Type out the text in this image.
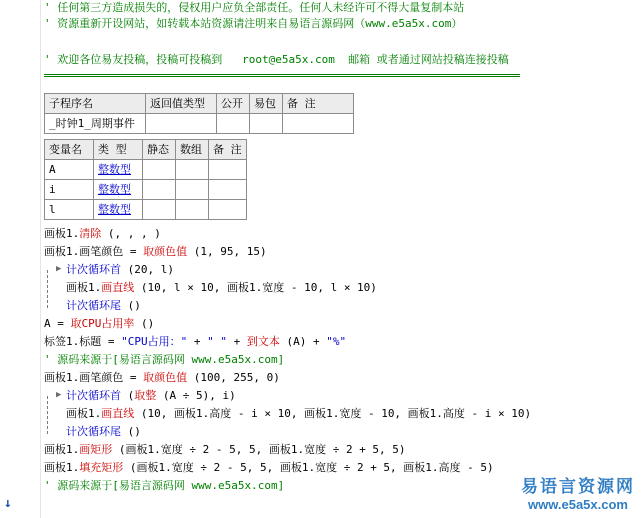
' 任何第三方造成损失的，侵权用户应负全部责任。任何人未经许可不得大量复制本站
' 资源重新开设网站，如转载本站资源请注明来自易语言源码网（www.e5a5x.com）
' 欢迎各位易友投稿，投稿可投稿到   root@e5a5x.com  邮箱 或者通过网站投稿连接投稿
子程序名	返回值类型	公开	易包	备 注
_时钟1_周期事件				
变量名	类 型	静态	数组	备 注
A	整数型			
i	整数型			
l	整数型			
画板1.清除 (, , , )
画板1.画笔颜色 = 取颜色值 (1, 95, 15)
▶ 计次循环首 (20, l)
画板1.画直线 (10, l × 10, 画板1.宽度 - 10, l × 10)
计次循环尾 ()
A = 取CPU占用率 ()
标签1.标题 = "CPU占用：" + " " + 到文本 (A) + "%"
' 源码来源于[易语言源码网 www.e5a5x.com]
画板1.画笔颜色 = 取颜色值 (100, 255, 0)
▶ 计次循环首 (取整 (A ÷ 5), i)
画板1.画直线 (10, 画板1.高度 - i × 10, 画板1.宽度 - 10, 画板1.高度 - i × 10)
计次循环尾 ()
画板1.画矩形 (画板1.宽度 ÷ 2 - 5, 5, 画板1.宽度 ÷ 2 + 5, 5)
画板1.填充矩形 (画板1.宽度 ÷ 2 - 5, 5, 画板1.宽度 ÷ 2 + 5, 画板1.高度 - 5)
' 源码来源于[易语言源码网 www.e5a5x.com]
↓
易语言资源网
www.e5a5x.com
